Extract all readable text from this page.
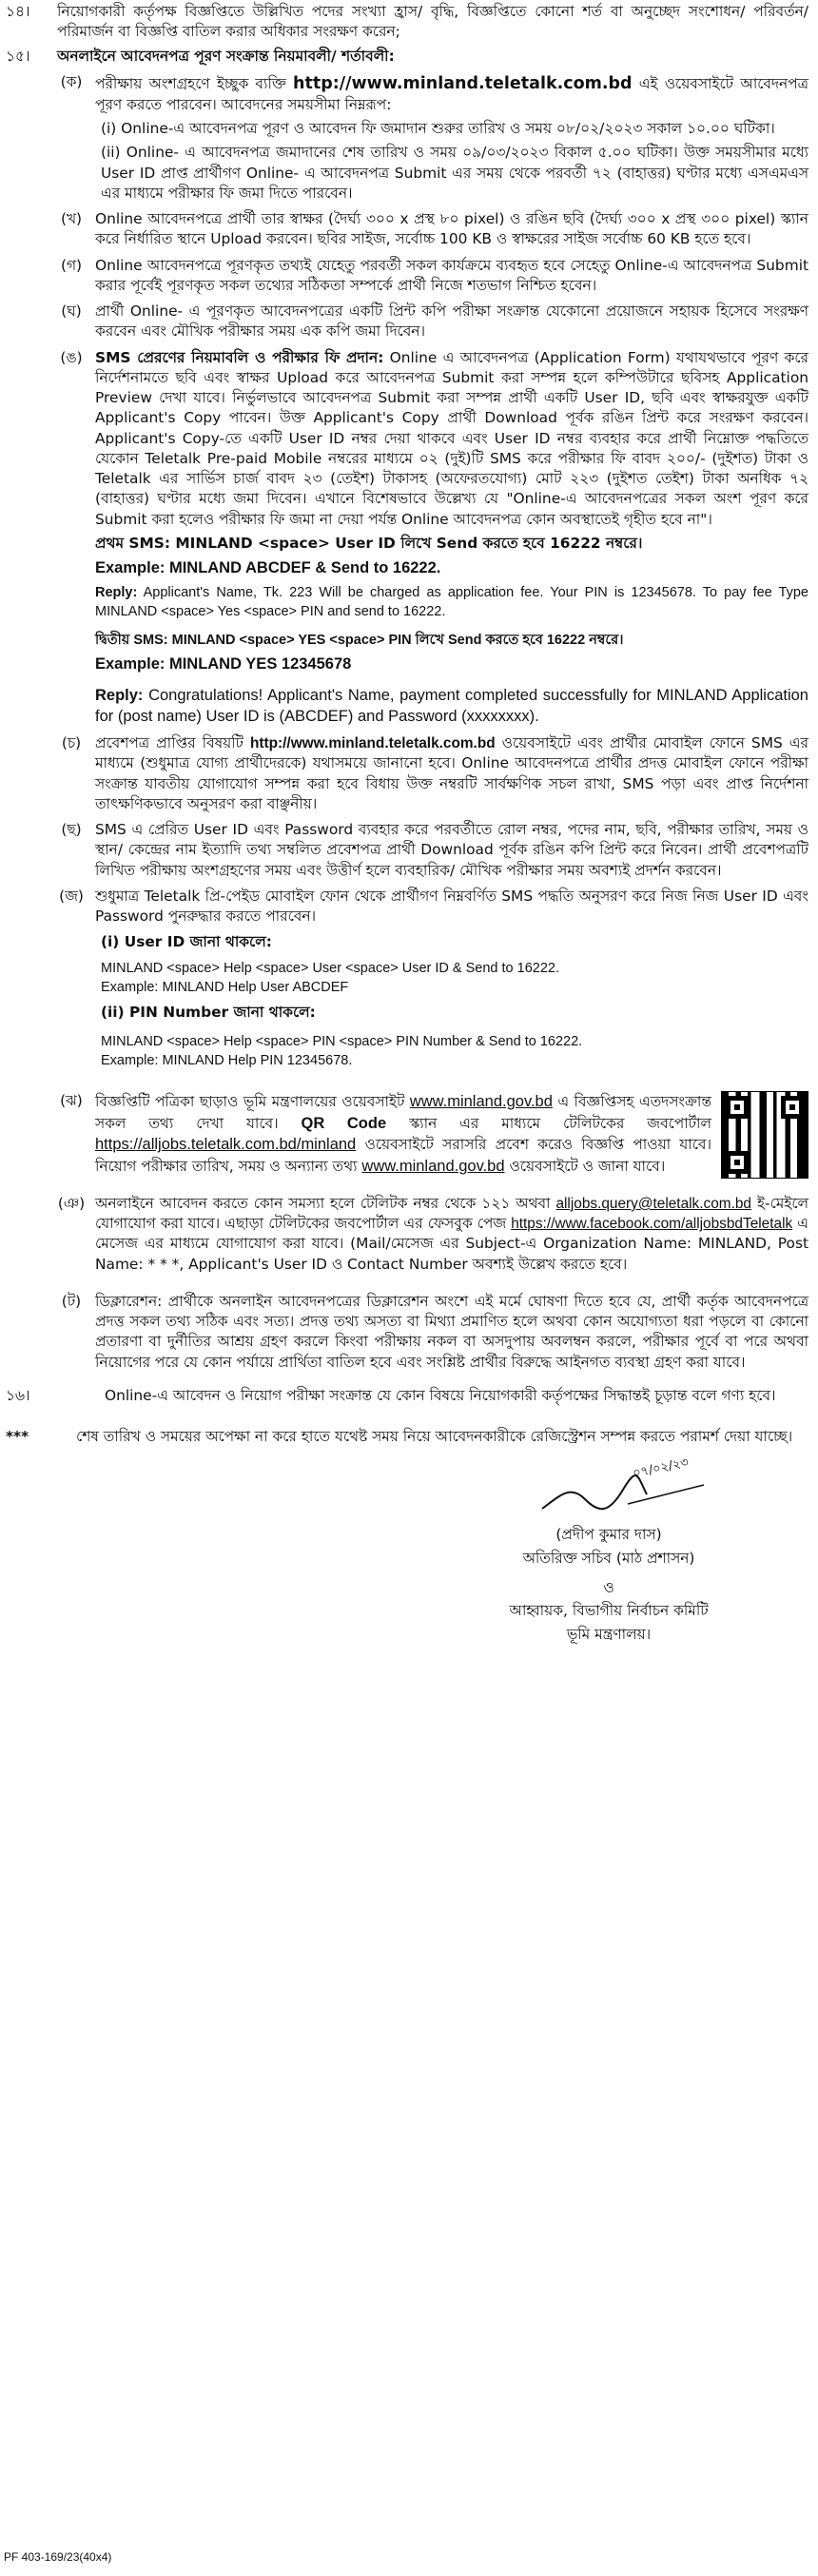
১৪।	নিয়োগকারী কর্তৃপক্ষ বিজ্ঞপ্তিতে উল্লিখিত পদের সংখ্যা হ্রাস/ বৃদ্ধি, বিজ্ঞপ্তিতে কোনো শর্ত বা অনুচ্ছেদ সংশোধন/ পরিবর্তন/ পরিমার্জন বা বিজ্ঞপ্তি বাতিল করার অধিকার সংরক্ষণ করেন;
১৫।	অনলাইনে আবেদনপত্র পূরণ সংক্রান্ত নিয়মাবলী/ শর্তাবলী:
(ক) পরীক্ষায় অংশগ্রহণে ইচ্ছুক ব্যক্তি http://www.minland.teletalk.com.bd এই ওয়েবসাইটে আবেদনপত্র পূরণ করতে পারবেন। আবেদনের সময়সীমা নিম্নরূপ:
(i) Online-এ আবেদনপত্র পূরণ ও আবেদন ফি জমাদান শুরুর তারিখ ও সময় ০৮/০২/২০২৩ সকাল ১০.০০ ঘটিকা।
(ii) Online- এ আবেদনপত্র জমাদানের শেষ তারিখ ও সময় ০৯/০৩/২০২৩ বিকাল ৫.০০ ঘটিকা। উক্ত সময়সীমার মধ্যে User ID প্রাপ্ত প্রার্থীগণ Online- এ আবেদনপত্র Submit এর সময় থেকে পরবর্তী ৭২ (বাহাত্তর) ঘণ্টার মধ্যে এসএমএস এর মাধ্যমে পরীক্ষার ফি জমা দিতে পারবেন।
(খ) Online আবেদনপত্রে প্রার্থী তার স্বাক্ষর (দৈর্ঘ্য ৩০০ x প্রস্থ ৮০ pixel) ও রঙিন ছবি (দৈর্ঘ্য ৩০০ x প্রস্থ ৩০০ pixel) স্ক্যান করে নির্ধারিত স্থানে Upload করবেন। ছবির সাইজ, সর্বোচ্চ 100 KB ও স্বাক্ষরের সাইজ সর্বোচ্চ 60 KB হতে হবে।
(গ) Online আবেদনপত্রে পূরণকৃত তথ্যই যেহেতু পরবর্তী সকল কার্যক্রমে ব্যবহৃত হবে সেহেতু Online-এ আবেদনপত্র Submit করার পূর্বেই পূরণকৃত সকল তথ্যের সঠিকতা সম্পর্কে প্রার্থী নিজে শতভাগ নিশ্চিত হবেন।
(ঘ) প্রার্থী Online- এ পূরণকৃত আবেদনপত্রের একটি প্রিন্ট কপি পরীক্ষা সংক্রান্ত যেকোনো প্রয়োজনে সহায়ক হিসেবে সংরক্ষণ করবেন এবং মৌখিক পরীক্ষার সময় এক কপি জমা দিবেন।
(ঙ) SMS প্রেরণের নিয়মাবলি ও পরীক্ষার ফি প্রদান: Online এ আবেদনপত্র (Application Form) যথাযথভাবে পূরণ করে নির্দেশনামতে ছবি এবং স্বাক্ষর Upload করে আবেদনপত্র Submit করা সম্পন্ন হলে কম্পিউটারে ছবিসহ Application Preview দেখা যাবে। নির্ভুলভাবে আবেদনপত্র Submit করা সম্পন্ন প্রার্থী একটি User ID, ছবি এবং স্বাক্ষরযুক্ত একটি Applicant's Copy পাবেন। উক্ত Applicant's Copy প্রার্থী Download পূর্বক রঙিন প্রিন্ট করে সংরক্ষণ করবেন। Applicant's Copy-তে একটি User ID নম্বর দেয়া থাকবে এবং User ID নম্বর ব্যবহার করে প্রার্থী নিম্নোক্ত পদ্ধতিতে যেকোন Teletalk Pre-paid Mobile নম্বরের মাধ্যমে ০২ (দুই)টি SMS করে পরীক্ষার ফি বাবদ ২০০/- (দুইশত) টাকা ও Teletalk এর সার্ভিস চার্জ বাবদ ২৩ (তেইশ) টাকাসহ (অফেরতযোগ্য) মোট ২২৩ (দুইশত তেইশ) টাকা অনধিক ৭২ (বাহাত্তর) ঘণ্টার মধ্যে জমা দিবেন। এখানে বিশেষভাবে উল্লেখ্য যে "Online-এ আবেদনপত্রের সকল অংশ পূরণ করে Submit করা হলেও পরীক্ষার ফি জমা না দেয়া পর্যন্ত Online আবেদনপত্র কোন অবস্থাতেই গৃহীত হবে না"।
প্রথম SMS: MINLAND <space> User ID লিখে Send করতে হবে 16222 নম্বরে।
Example: MINLAND ABCDEF & Send to 16222.
Reply: Applicant's Name, Tk. 223 Will be charged as application fee. Your PIN is 12345678. To pay fee Type MINLAND <space> Yes <space> PIN and send to 16222.
দ্বিতীয় SMS: MINLAND <space> YES <space> PIN লিখে Send করতে হবে 16222 নম্বরে।
Example: MINLAND YES 12345678
Reply: Congratulations! Applicant's Name, payment completed successfully for MINLAND Application for (post name) User ID is (ABCDEF) and Password (xxxxxxxx).
(চ) প্রবেশপত্র প্রাপ্তির বিষয়টি http://www.minland.teletalk.com.bd ওয়েবসাইটে এবং প্রার্থীর মোবাইল ফোনে SMS এর মাধ্যমে (শুধুমাত্র যোগ্য প্রার্থীদেরকে) যথাসময়ে জানানো হবে। Online আবেদনপত্রে প্রার্থীর প্রদত্ত মোবাইল ফোনে পরীক্ষা সংক্রান্ত যাবতীয় যোগাযোগ সম্পন্ন করা হবে বিধায় উক্ত নম্বরটি সার্বক্ষণিক সচল রাখা, SMS পড়া এবং প্রাপ্ত নির্দেশনা তাৎক্ষণিকভাবে অনুসরণ করা বাঞ্ছনীয়।
(ছ) SMS এ প্রেরিত User ID এবং Password ব্যবহার করে পরবর্তীতে রোল নম্বর, পদের নাম, ছবি, পরীক্ষার তারিখ, সময় ও স্থান/ কেন্দ্রের নাম ইত্যাদি তথ্য সম্বলিত প্রবেশপত্র প্রার্থী Download পূর্বক রঙিন কপি প্রিন্ট করে নিবেন। প্রার্থী প্রবেশপত্রটি লিখিত পরীক্ষায় অংশগ্রহণের সময় এবং উত্তীর্ণ হলে ব্যবহারিক/ মৌখিক পরীক্ষার সময় অবশ্যই প্রদর্শন করবেন।
(জ) শুধুমাত্র Teletalk প্রি-পেইড মোবাইল ফোন থেকে প্রার্থীগণ নিম্নবর্ণিত SMS পদ্ধতি অনুসরণ করে নিজ নিজ User ID এবং Password পুনরুদ্ধার করতে পারবেন।
(i) User ID জানা থাকলে:
MINLAND <space> Help <space> User <space> User ID & Send to 16222.
Example: MINLAND Help User ABCDEF
(ii) PIN Number জানা থাকলে:
MINLAND <space> Help <space> PIN <space> PIN Number & Send to 16222.
Example: MINLAND Help PIN 12345678.
(ঝ) বিজ্ঞপ্তিটি পত্রিকা ছাড়াও ভূমি মন্ত্রণালয়ের ওয়েবসাইট www.minland.gov.bd এ বিজ্ঞপ্তিসহ এতদসংক্রান্ত সকল তথ্য দেখা যাবে। QR Code স্ক্যান এর মাধ্যমে টেলিটকের জবপোর্টাল https://alljobs.teletalk.com.bd/minland ওয়েবসাইটে সরাসরি প্রবেশ করেও বিজ্ঞপ্তি পাওয়া যাবে। নিয়োগ পরীক্ষার তারিখ, সময় ও অন্যান্য তথ্য www.minland.gov.bd ওয়েবসাইটে ও জানা যাবে।
(ঞ) অনলাইনে আবেদন করতে কোন সমস্যা হলে টেলিটক নম্বর থেকে ১২১ অথবা alljobs.query@teletalk.com.bd ই-মেইলে যোগাযোগ করা যাবে। এছাড়া টেলিটকের জবপোর্টাল এর ফেসবুক পেজ https://www.facebook.com/alljobsbdTeletalk এ মেসেজ এর মাধ্যমে যোগাযোগ করা যাবে। (Mail/মেসেজ এর Subject-এ Organization Name: MINLAND, Post Name: * * *, Applicant's User ID ও Contact Number অবশ্যই উল্লেখ করতে হবে।
(ট) ডিক্লারেশন: প্রার্থীকে অনলাইন আবেদনপত্রের ডিক্লারেশন অংশে এই মর্মে ঘোষণা দিতে হবে যে, প্রার্থী কর্তৃক আবেদনপত্রে প্রদত্ত সকল তথ্য সঠিক এবং সত্য। প্রদত্ত তথ্য অসত্য বা মিথ্যা প্রমাণিত হলে অথবা কোন অযোগ্যতা ধরা পড়লে বা কোনো প্রতারণা বা দুর্নীতির আশ্রয় গ্রহণ করলে কিংবা পরীক্ষায় নকল বা অসদুপায় অবলম্বন করলে, পরীক্ষার পূর্বে বা পরে অথবা নিয়োগের পরে যে কোন পর্যায়ে প্রার্থিতা বাতিল হবে এবং সংশ্লিষ্ট প্রার্থীর বিরুদ্ধে আইনগত ব্যবস্থা গ্রহণ করা যাবে।
১৬।	Online-এ আবেদন ও নিয়োগ পরীক্ষা সংক্রান্ত যে কোন বিষয়ে নিয়োগকারী কর্তৃপক্ষের সিদ্ধান্তই চূড়ান্ত বলে গণ্য হবে।
***	শেষ তারিখ ও সময়ের অপেক্ষা না করে হাতে যথেষ্ট সময় নিয়ে আবেদনকারীকে রেজিস্ট্রেশন সম্পন্ন করতে পরামর্শ দেয়া যাচ্ছে।
০৭/০২/২৩
(প্রদীপ কুমার দাস)
অতিরিক্ত সচিব (মাঠ প্রশাসন)
ও
আহ্বায়ক, বিভাগীয় নির্বাচন কমিটি
ভূমি মন্ত্রণালয়।
PF 403-169/23(40x4)
